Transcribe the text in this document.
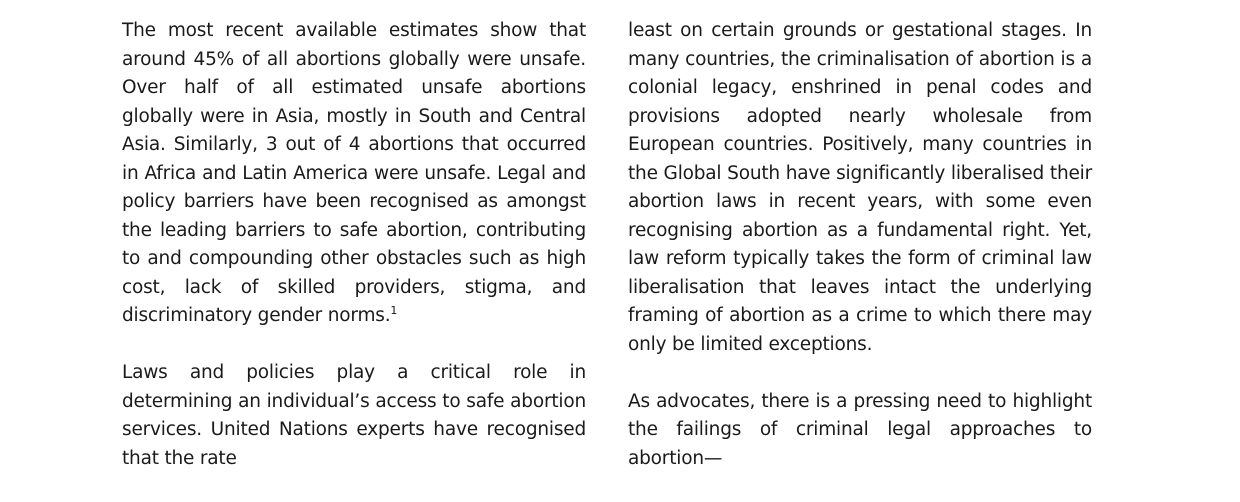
The most recent available estimates show that around 45% of all abortions globally were unsafe. Over half of all estimated unsafe abortions globally were in Asia, mostly in South and Central Asia. Similarly, 3 out of 4 abortions that occurred in Africa and Latin America were unsafe. Legal and policy barriers have been recognised as amongst the leading barriers to safe abortion, contributing to and compounding other obstacles such as high cost, lack of skilled providers, stigma, and discriminatory gender norms.$^1$

Laws and policies play a critical role in determining an individual’s access to safe abortion services. United Nations experts have recognised that the rate

least on certain grounds or gestational stages. In many countries, the criminalisation of abortion is a colonial legacy, enshrined in penal codes and provisions adopted nearly wholesale from European countries. Positively, many countries in the Global South have significantly liberalised their abortion laws in recent years, with some even recognising abortion as a fundamental right. Yet, law reform typically takes the form of criminal law liberalisation that leaves intact the underlying framing of abortion as a crime to which there may only be limited exceptions.

As advocates, there is a pressing need to highlight the failings of criminal legal approaches to abortion—
